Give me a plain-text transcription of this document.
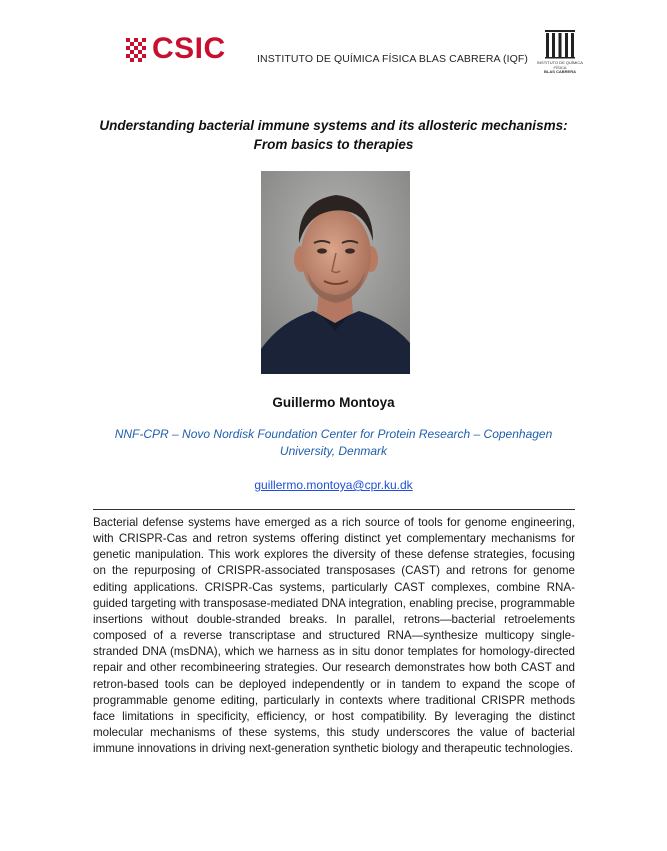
CSIC	INSTITUTO DE QUÍMICA FÍSICA BLAS CABRERA (IQF)	INSTITUTO DE QUÍMICA FÍSICA
BLAS CABRERA
Understanding bacterial immune systems and its allosteric mechanisms:
From basics to therapies
Guillermo Montoya
NNF-CPR – Novo Nordisk Foundation Center for Protein Research – Copenhagen
University, Denmark
guillermo.montoya@cpr.ku.dk
Bacterial defense systems have emerged as a rich source of tools for genome engineering, with CRISPR-Cas and retron systems offering distinct yet complementary mechanisms for genetic manipulation. This work explores the diversity of these defense strategies, focusing on the repurposing of CRISPR-associated transposases (CAST) and retrons for genome editing applications. CRISPR-Cas systems, particularly CAST complexes, combine RNA-guided targeting with transposase-mediated DNA integration, enabling precise, programmable insertions without double-stranded breaks. In parallel, retrons—bacterial retroelements composed of a reverse transcriptase and structured RNA—synthesize multicopy single-stranded DNA (msDNA), which we harness as in situ donor templates for homology-directed repair and other recombineering strategies. Our research demonstrates how both CAST and retron-based tools can be deployed independently or in tandem to expand the scope of programmable genome editing, particularly in contexts where traditional CRISPR methods face limitations in specificity, efficiency, or host compatibility. By leveraging the distinct molecular mechanisms of these systems, this study underscores the value of bacterial immune innovations in driving next-generation synthetic biology and therapeutic technologies.
